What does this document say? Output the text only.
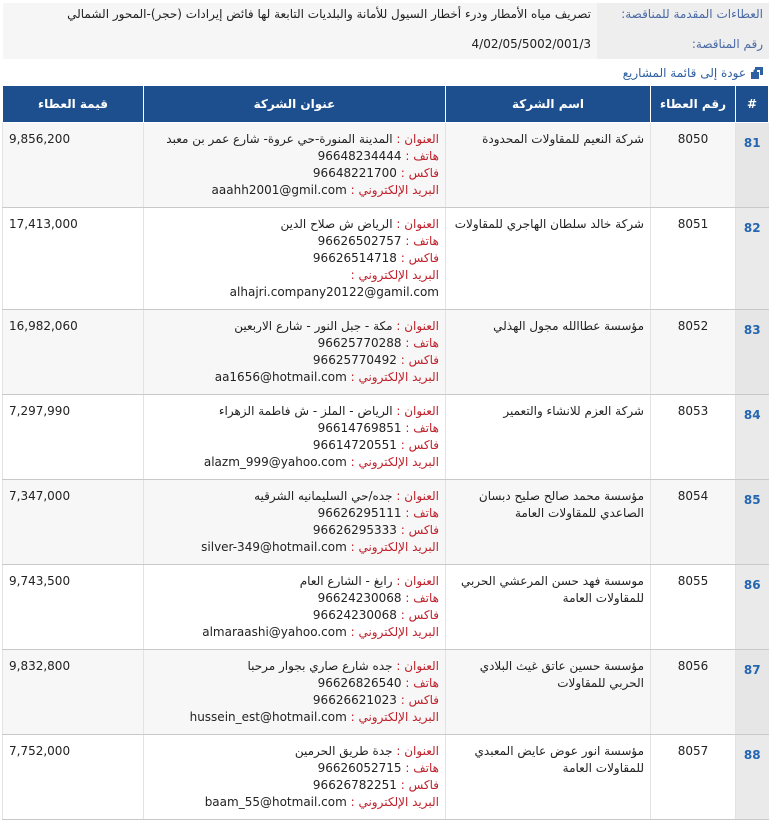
العطاءات المقدمة للمناقصة:	تصريف مياه الأمطار ودرء أخطار السيول للأمانة والبلديات التابعة لها فائض إيرادات (حجر)-المحور الشمالي
رقم المناقصة:	4/02/05/5002/001/3
عودة إلى قائمة المشاريع
#	رقم العطاء	اسم الشركة	عنوان الشركة	قيمة العطاء
81	8050	شركة النعيم للمقاولات المحدودة	العنوان : المدينة المنورة-حي عروة- شارع عمر بن معبد
هاتف : 96648234444
فاكس : 96648221700
البريد الإلكتروني : aaahh2001@gmil.com	9,856,200
82	8051	شركة خالد سلطان الهاجري للمقاولات	العنوان : الرياض ش صلاح الدين
هاتف : 96626502757
فاكس : 96626514718
البريد الإلكتروني : alhajri.company20122@gamil.com	17,413,000
83	8052	مؤسسة عطاالله مجول الهذلي	العنوان : مكة - جبل النور - شارع الاربعين
هاتف : 96625770288
فاكس : 96625770492
البريد الإلكتروني : aa1656@hotmail.com	16,982,060
84	8053	شركة العزم للانشاء والتعمير	العنوان : الرياض - الملز - ش فاطمة الزهراء
هاتف : 96614769851
فاكس : 96614720551
البريد الإلكتروني : alazm_999@yahoo.com	7,297,990
85	8054	مؤسسة محمد صالح صليح دبسان الصاعدي للمقاولات العامة	العنوان : جده/حي السليمانيه الشرقيه
هاتف : 96626295111
فاكس : 96626295333
البريد الإلكتروني : silver-349@hotmail.com	7,347,000
86	8055	موسسة فهد حسن المرعشي الحربي للمقاولات العامة	العنوان : رابغ - الشارع العام
هاتف : 96624230068
فاكس : 96624230068
البريد الإلكتروني : almaraashi@yahoo.com	9,743,500
87	8056	مؤسسة حسين عاتق غيث البلادي الحربي للمقاولات	العنوان : جده شارع صاري بجوار مرحبا
هاتف : 96626826540
فاكس : 96626621023
البريد الإلكتروني : hussein_est@hotmail.com	9,832,800
88	8057	مؤسسة انور عوض عايض المعبدي للمقاولات العامة	العنوان : جدة طريق الحرمين
هاتف : 96626052715
فاكس : 96626782251
البريد الإلكتروني : baam_55@hotmail.com	7,752,000
